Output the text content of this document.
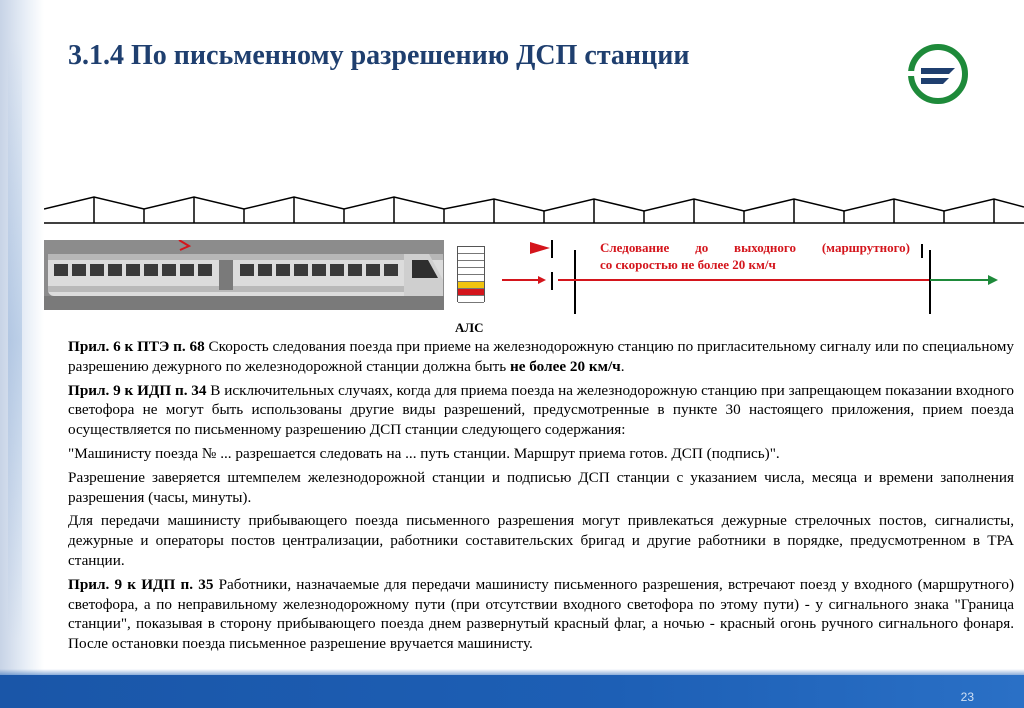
3.1.4 По письменному разрешению ДСП станции
АЛС
Следование до выходного (маршрутного)
со скоростью не более 20 км/ч

Прил. 6 к ПТЭ п. 68 Скорость следования поезда при приеме на железнодорожную станцию по пригласительному сигналу или по специальному разрешению дежурного по железнодорожной станции должна быть не более 20 км/ч.

Прил. 9 к ИДП п. 34 В исключительных случаях, когда для приема поезда на железнодорожную станцию при запрещающем показании входного светофора не могут быть использованы другие виды разрешений, предусмотренные в пункте 30 настоящего приложения, прием поезда осуществляется по письменному разрешению ДСП станции следующего содержания:

"Машинисту поезда № ... разрешается следовать на ... путь станции. Маршрут приема готов. ДСП (подпись)".

Разрешение заверяется штемпелем железнодорожной станции и подписью ДСП станции с указанием числа, месяца и времени заполнения разрешения (часы, минуты).

Для передачи машинисту прибывающего поезда письменного разрешения могут привлекаться дежурные стрелочных постов, сигналисты, дежурные и операторы постов централизации, работники составительских бригад и другие работники в порядке, предусмотренном в ТРА станции.

Прил. 9 к ИДП п. 35 Работники, назначаемые для передачи машинисту письменного разрешения, встречают поезд у входного (маршрутного) светофора, а по неправильному железнодорожному пути (при отсутствии входного светофора по этому пути) - у сигнального знака "Граница станции", показывая в сторону прибывающего поезда днем развернутый красный флаг, а ночью - красный огонь ручного сигнального фонаря. После остановки поезда письменное разрешение вручается машинисту.

23
